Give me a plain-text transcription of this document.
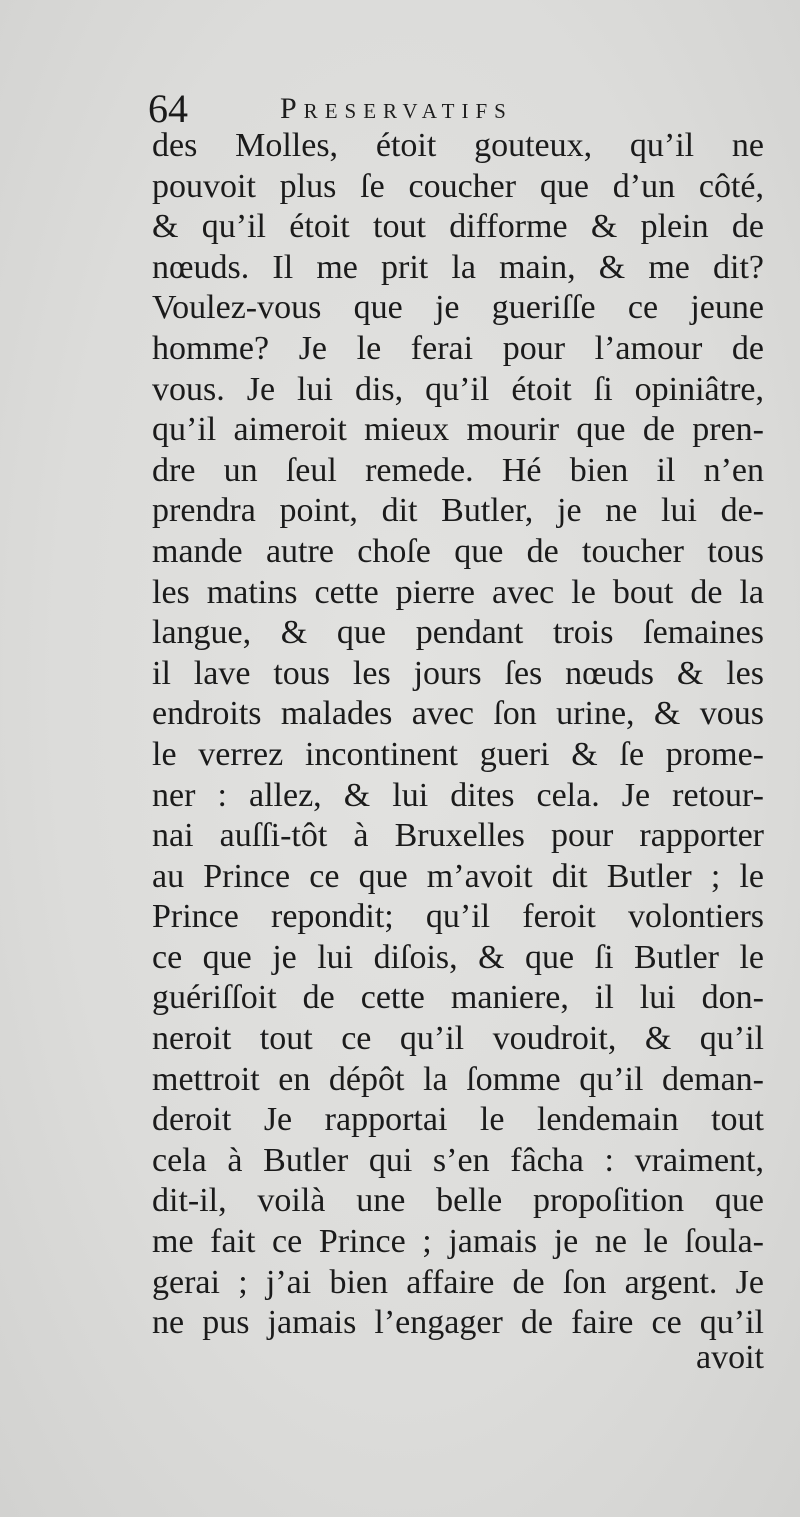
64	Preservatifs
des Molles, étoit gouteux, qu’il ne
pouvoit plus ſe coucher que d’un côté,
& qu’il étoit tout difforme & plein de
nœuds. Il me prit la main, & me dit?
Voulez-vous que je gueriſſe ce jeune
homme? Je le ferai pour l’amour de
vous. Je lui dis, qu’il étoit ſi opiniâtre,
qu’il aimeroit mieux mourir que de pren-
dre un ſeul remede. Hé bien il n’en
prendra point, dit Butler, je ne lui de-
mande autre choſe que de toucher tous
les matins cette pierre avec le bout de la
langue, & que pendant trois ſemaines
il lave tous les jours ſes nœuds & les
endroits malades avec ſon urine, & vous
le verrez incontinent gueri & ſe prome-
ner : allez, & lui dites cela. Je retour-
nai auſſi-tôt à Bruxelles pour rapporter
au Prince ce que m’avoit dit Butler ; le
Prince repondit; qu’il feroit volontiers
ce que je lui diſois, & que ſi Butler le
guériſſoit de cette maniere, il lui don-
neroit tout ce qu’il voudroit, & qu’il
mettroit en dépôt la ſomme qu’il deman-
deroit Je rapportai le lendemain tout
cela à Butler qui s’en fâcha : vraiment,
dit-il, voilà une belle propoſition que
me fait ce Prince ; jamais je ne le ſoula-
gerai ; j’ai bien affaire de ſon argent. Je
ne pus jamais l’engager de faire ce qu’il
avoit
